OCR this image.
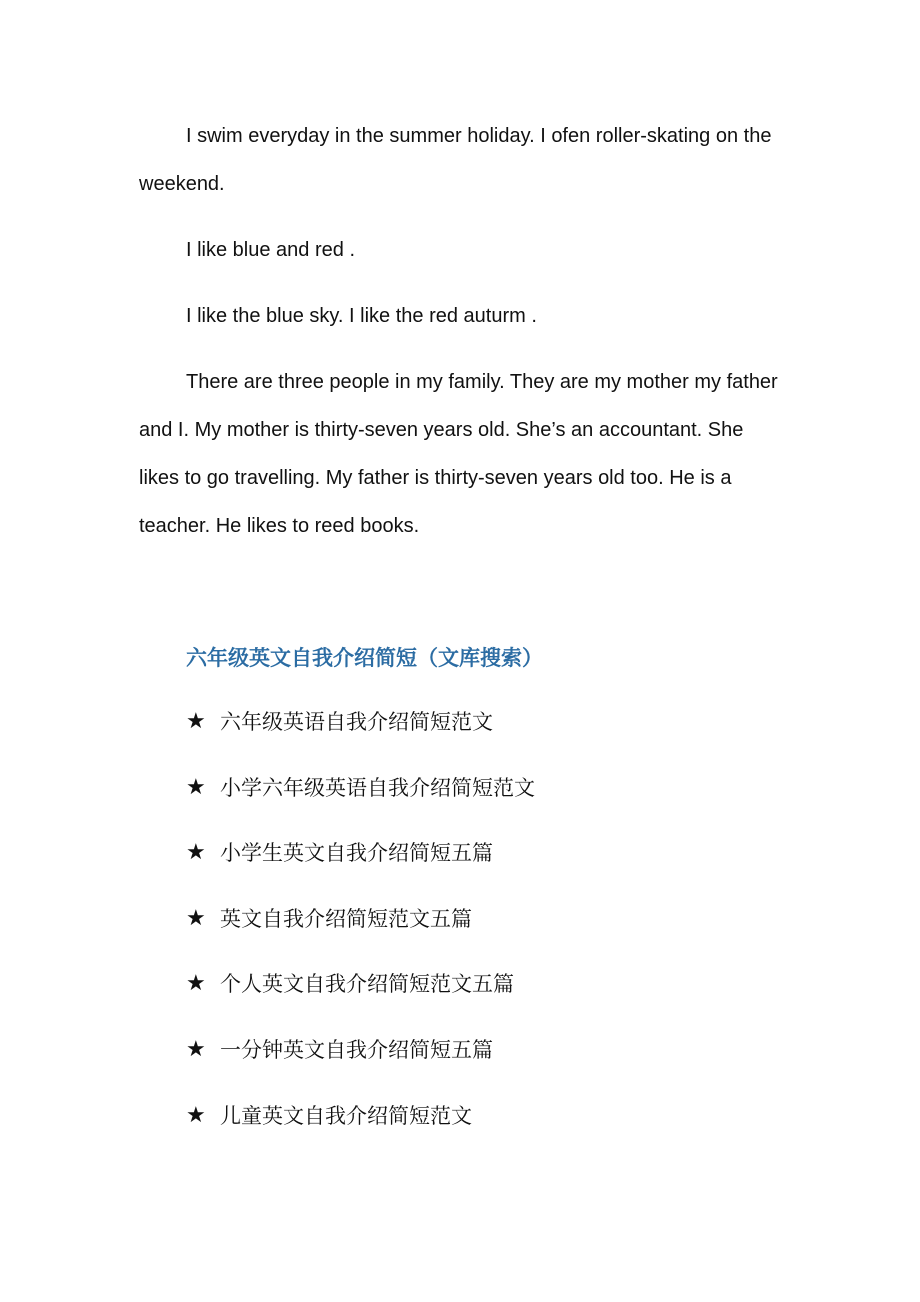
I swim everyday in the summer holiday. I ofen roller-skating on the weekend.

I like blue and red .

I like the blue sky. I like the red auturm .

There are three people in my family. They are my mother my father and I. My mother is thirty-seven years old. She’s an accountant. She likes to go travelling. My father is thirty-seven years old too. He is a teacher. He likes to reed books.

六年级英文自我介绍简短（文库搜索）
★ 六年级英语自我介绍简短范文
★ 小学六年级英语自我介绍简短范文
★ 小学生英文自我介绍简短五篇
★ 英文自我介绍简短范文五篇
★ 个人英文自我介绍简短范文五篇
★ 一分钟英文自我介绍简短五篇
★ 儿童英文自我介绍简短范文
